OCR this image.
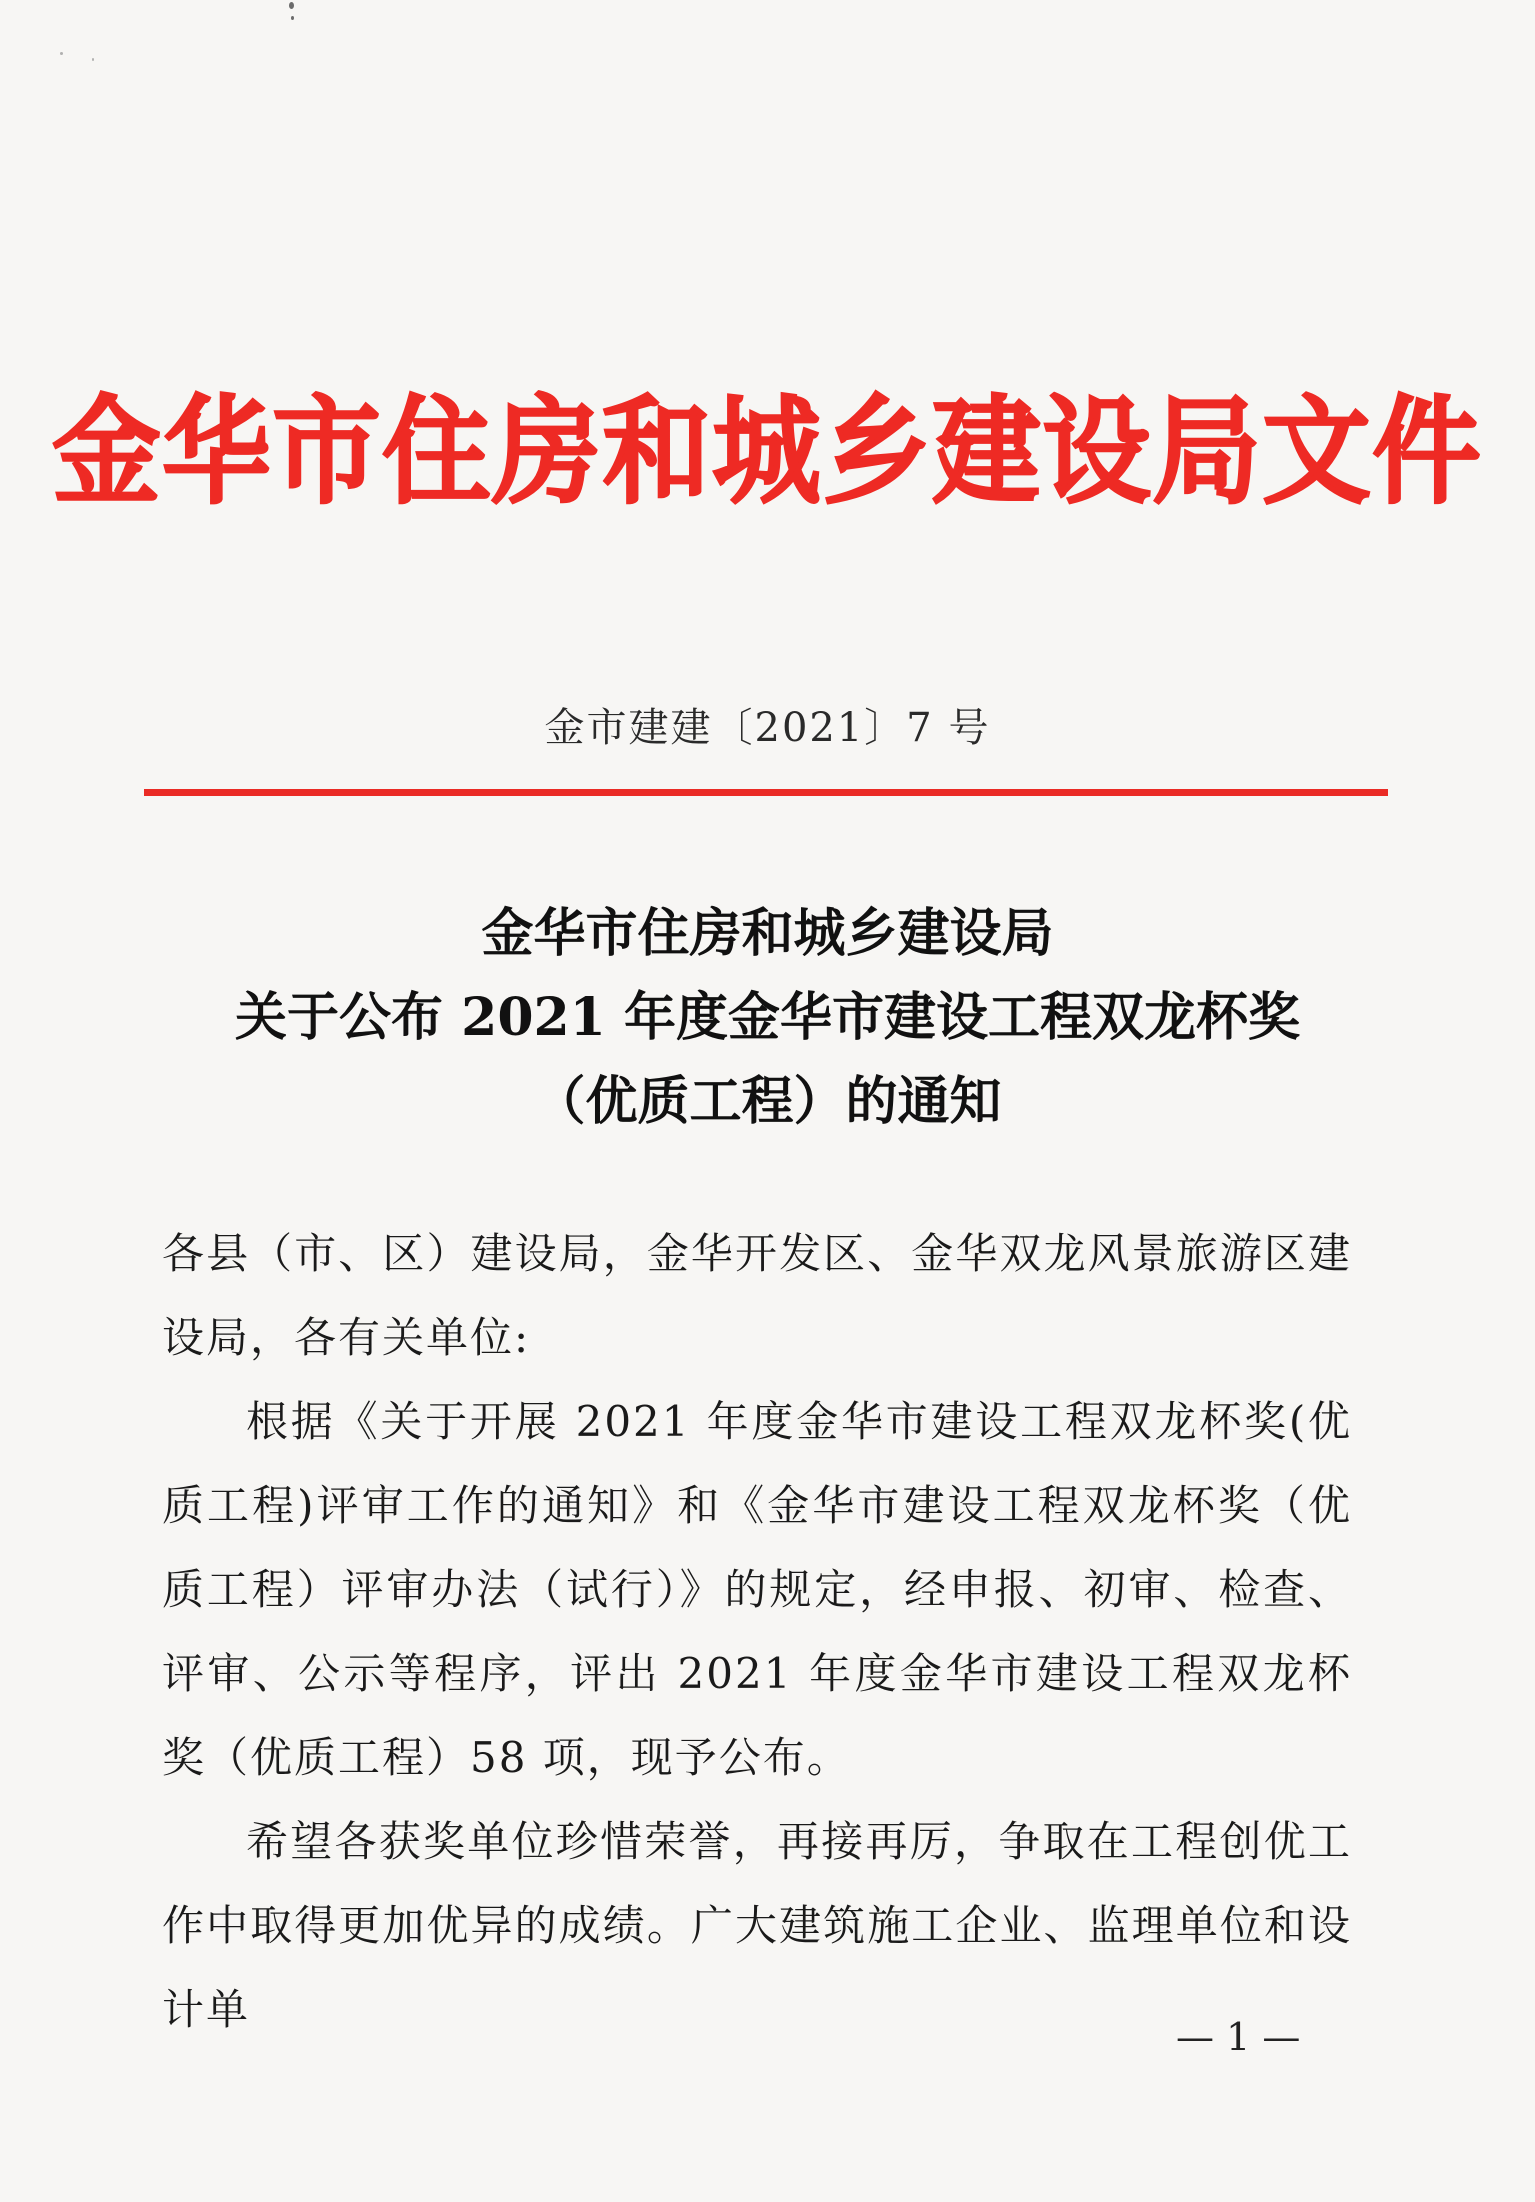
金华市住房和城乡建设局文件
金市建建〔2021〕7 号
金华市住房和城乡建设局
关于公布 2021 年度金华市建设工程双龙杯奖
（优质工程）的通知

各县（市、区）建设局，金华开发区、金华双龙风景旅游区建设局，各有关单位:

根据《关于开展 2021 年度金华市建设工程双龙杯奖(优质工程)评审工作的通知》和《金华市建设工程双龙杯奖（优质工程）评审办法（试行）》的规定，经申报、初审、检查、评审、公示等程序，评出 2021 年度金华市建设工程双龙杯奖（优质工程）58 项，现予公布。

希望各获奖单位珍惜荣誉，再接再厉，争取在工程创优工作中取得更加优异的成绩。广大建筑施工企业、监理单位和设计单

— 1 —
